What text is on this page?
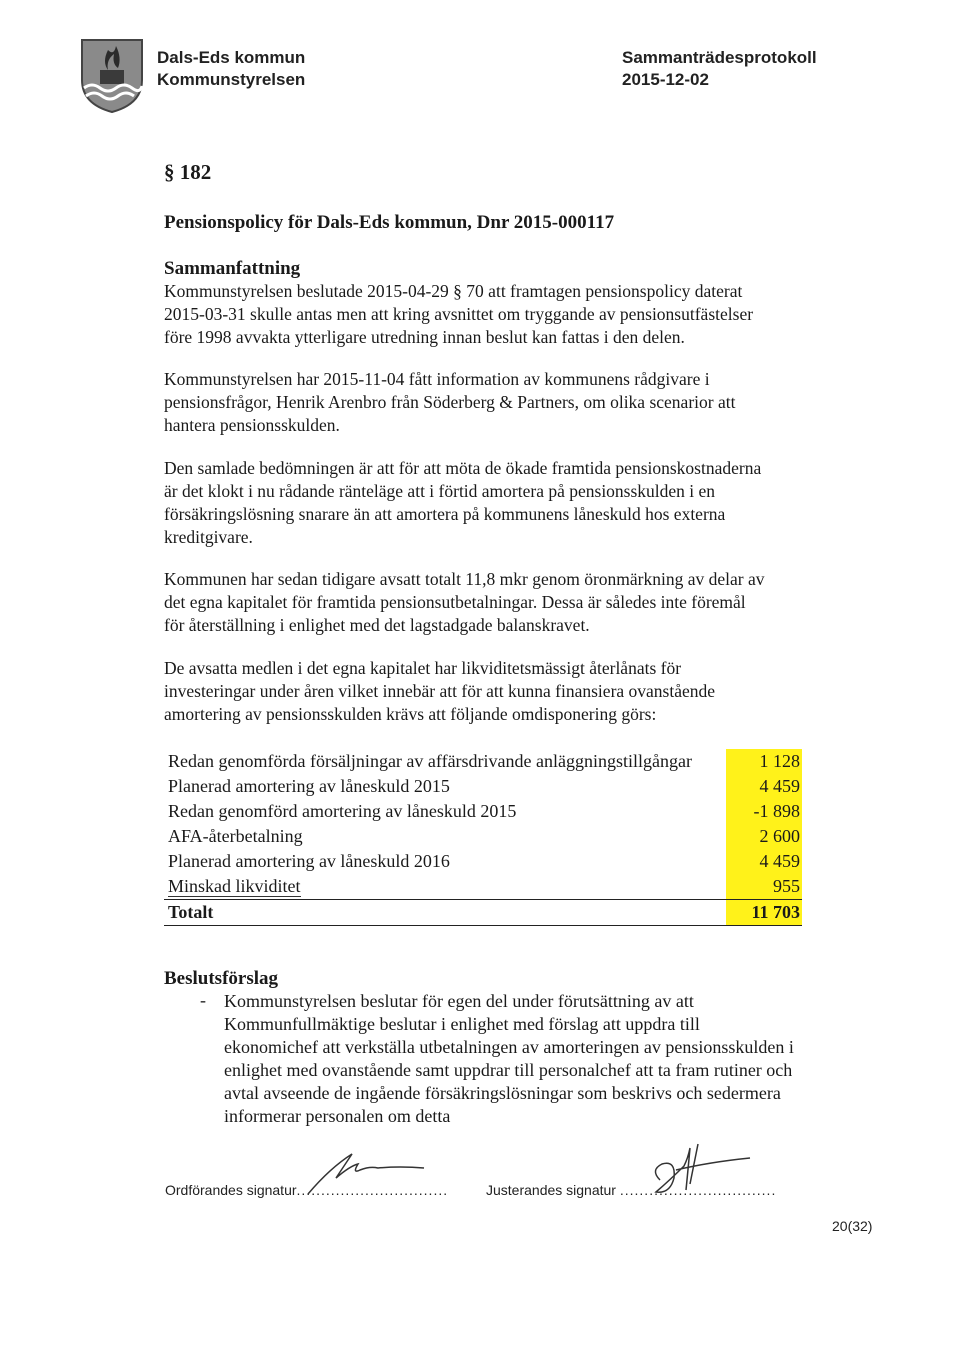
Dals-Eds kommun
Kommunstyrelsen
Sammanträdesprotokoll
2015-12-02
§ 182
Pensionspolicy för Dals-Eds kommun, Dnr 2015-000117
Sammanfattning
Kommunstyrelsen beslutade 2015-04-29 § 70 att framtagen pensionspolicy daterat
2015-03-31 skulle antas men att kring avsnittet om tryggande av pensionsutfästelser
före 1998 avvakta ytterligare utredning innan beslut kan fattas i den delen.
Kommunstyrelsen har 2015-11-04 fått information av kommunens rådgivare i
pensionsfrågor, Henrik Arenbro från Söderberg & Partners, om olika scenarior att
hantera pensionsskulden.
Den samlade bedömningen är att för att möta de ökade framtida pensionskostnaderna
är det klokt i nu rådande ränteläge att i förtid amortera på pensionsskulden i en
försäkringslösning snarare än att amortera på kommunens låneskuld hos externa
kreditgivare.
Kommunen har sedan tidigare avsatt totalt 11,8 mkr genom öronmärkning av delar av
det egna kapitalet för framtida pensionsutbetalningar. Dessa är således inte föremål
för återställning i enlighet med det lagstadgade balanskravet.
De avsatta medlen i det egna kapitalet har likviditetsmässigt återlånats för
investeringar under åren vilket innebär att för att kunna finansiera ovanstående
amortering av pensionsskulden krävs att följande omdisponering görs:
Redan genomförda försäljningar av affärsdrivande anläggningstillgångar	1 128
Planerad amortering av låneskuld 2015	4 459
Redan genomförd amortering av låneskuld 2015	-1 898
AFA-återbetalning	2 600
Planerad amortering av låneskuld 2016	4 459
Minskad likviditet	955
Totalt	11 703
Beslutsförslag
- Kommunstyrelsen beslutar för egen del under förutsättning av att
Kommunfullmäktige beslutar i enlighet med förslag att uppdra till
ekonomichef att verkställa utbetalningen av amorteringen av pensionsskulden i
enlighet med ovanstående samt uppdrar till personalchef att ta fram rutiner och
avtal avseende de ingående försäkringslösningar som beskrivs och sedermera
informerar personalen om detta
Ordförandes signatur...............................	Justerandes signatur ................................
20(32)
